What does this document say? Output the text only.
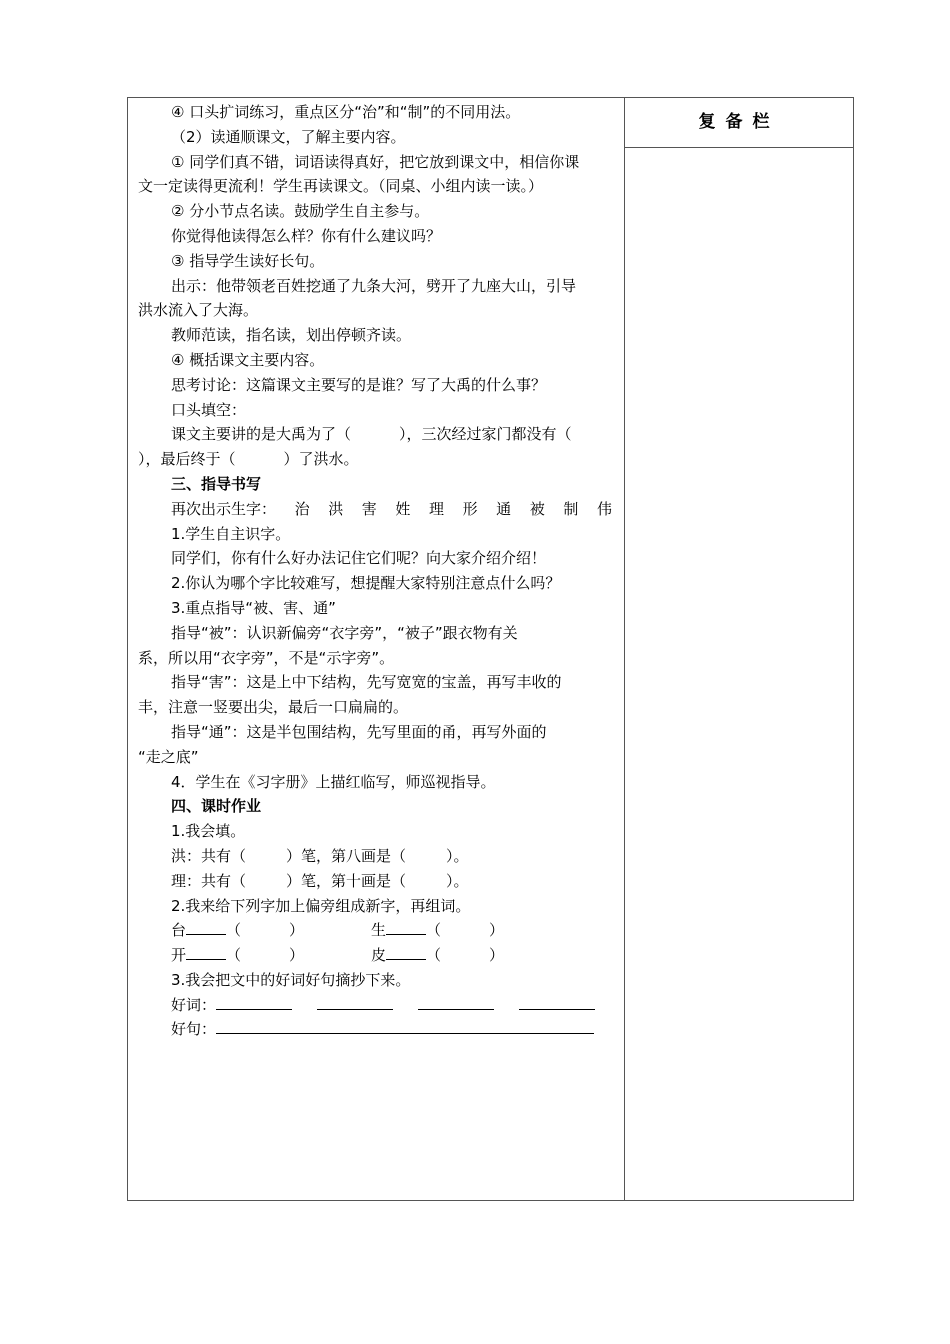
④ 口头扩词练习，重点区分“治”和“制”的不同用法。
（2）读通顺课文，了解主要内容。
① 同学们真不错，词语读得真好，把它放到课文中，相信你课
文一定读得更流利！学生再读课文。（同桌、小组内读一读。）
② 分小节点名读。鼓励学生自主参与。
你觉得他读得怎么样？你有什么建议吗？
③ 指导学生读好长句。
出示：他带领老百姓挖通了九条大河，劈开了九座大山，引导
洪水流入了大海。
教师范读，指名读，划出停顿齐读。
④ 概括课文主要内容。
思考讨论：这篇课文主要写的是谁？写了大禹的什么事？
口头填空：
课文主要讲的是大禹为了（	），三次经过家门都没有（
），最后终于（	）了洪水。
三、指导书写
再次出示生字： 治 洪 害 姓 理 形 通 被 制 伟
1.学生自主识字。
同学们，你有什么好办法记住它们呢？向大家介绍介绍！
2.你认为哪个字比较难写，想提醒大家特别注意点什么吗？
3.重点指导“被、害、通”
指导“被”：认识新偏旁“衣字旁”，“被子”跟衣物有关
系，所以用“衣字旁”，不是“示字旁”。
指导“害”：这是上中下结构，先写宽宽的宝盖，再写丰收的
丰，注意一竖要出尖，最后一口扁扁的。
指导“通”：这是半包围结构，先写里面的甬，再写外面的
“走之底”
4．学生在《习字册》上描红临写，师巡视指导。
四、课时作业
1.我会填。
洪：共有（	）笔，第八画是（	）。
理：共有（	）笔，第十画是（	）。
2.我来给下列字加上偏旁组成新字，再组词。
台	（	）	生	（	）
开	（	）	皮	（	）
3.我会把文中的好词好句摘抄下来。
好词：
好句：
复备栏
